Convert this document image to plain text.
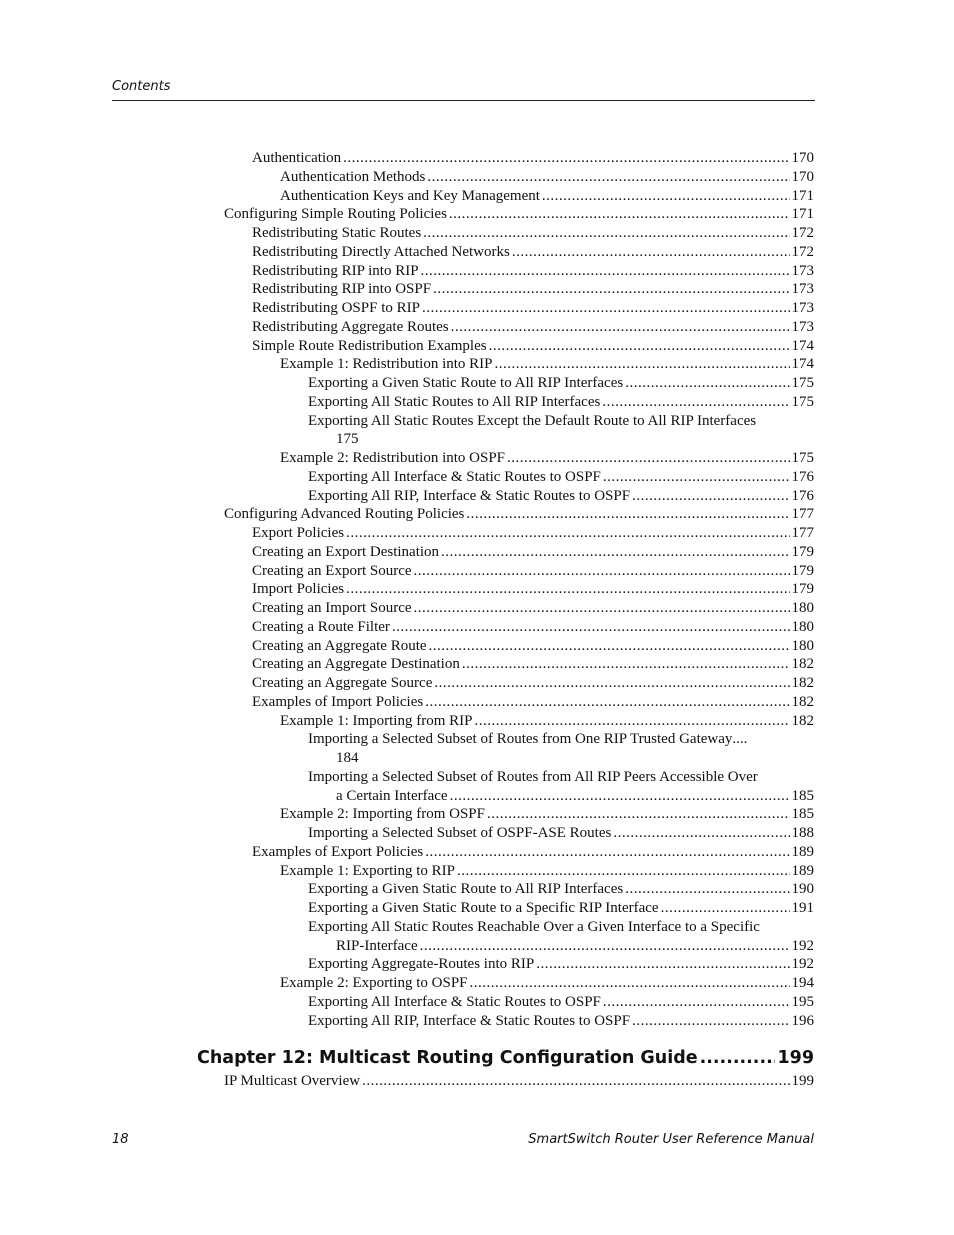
Contents
Authentication .....	170
Authentication Methods .....	170
Authentication Keys and Key Management .....	171
Configuring Simple Routing Policies .....	171
Redistributing Static Routes .....	172
Redistributing Directly Attached Networks .....	172
Redistributing RIP into RIP .....	173
Redistributing RIP into OSPF .....	173
Redistributing OSPF to RIP .....	173
Redistributing Aggregate Routes .....	173
Simple Route Redistribution Examples .....	174
Example 1: Redistribution into RIP .....	174
Exporting a Given Static Route to All RIP Interfaces .....	175
Exporting All Static Routes to All RIP Interfaces .....	175
Exporting All Static Routes Except the Default Route to All RIP Interfaces
175
Example 2: Redistribution into OSPF .....	175
Exporting All Interface & Static Routes to OSPF .....	176
Exporting All RIP, Interface & Static Routes to OSPF .....	176
Configuring Advanced Routing Policies .....	177
Export Policies .....	177
Creating an Export Destination .....	179
Creating an Export Source .....	179
Import Policies .....	179
Creating an Import Source .....	180
Creating a Route Filter .....	180
Creating an Aggregate Route .....	180
Creating an Aggregate Destination .....	182
Creating an Aggregate Source .....	182
Examples of Import Policies .....	182
Example 1: Importing from RIP .....	182
Importing a Selected Subset of Routes from One RIP Trusted Gateway ....
184
Importing a Selected Subset of Routes from All RIP Peers Accessible Over
a Certain Interface .....	185
Example 2: Importing from OSPF .....	185
Importing a Selected Subset of OSPF-ASE Routes .....	188
Examples of Export Policies .....	189
Example 1: Exporting to RIP .....	189
Exporting a Given Static Route to All RIP Interfaces .....	190
Exporting a Given Static Route to a Specific RIP Interface .....	191
Exporting All Static Routes Reachable Over a Given Interface to a Specific
RIP-Interface .....	192
Exporting Aggregate-Routes into RIP .....	192
Example 2: Exporting to OSPF .....	194
Exporting All Interface & Static Routes to OSPF .....	195
Exporting All RIP, Interface & Static Routes to OSPF .....	196
Chapter 12: Multicast Routing Configuration Guide .....	199
IP Multicast Overview .....	199
18	SmartSwitch Router User Reference Manual
